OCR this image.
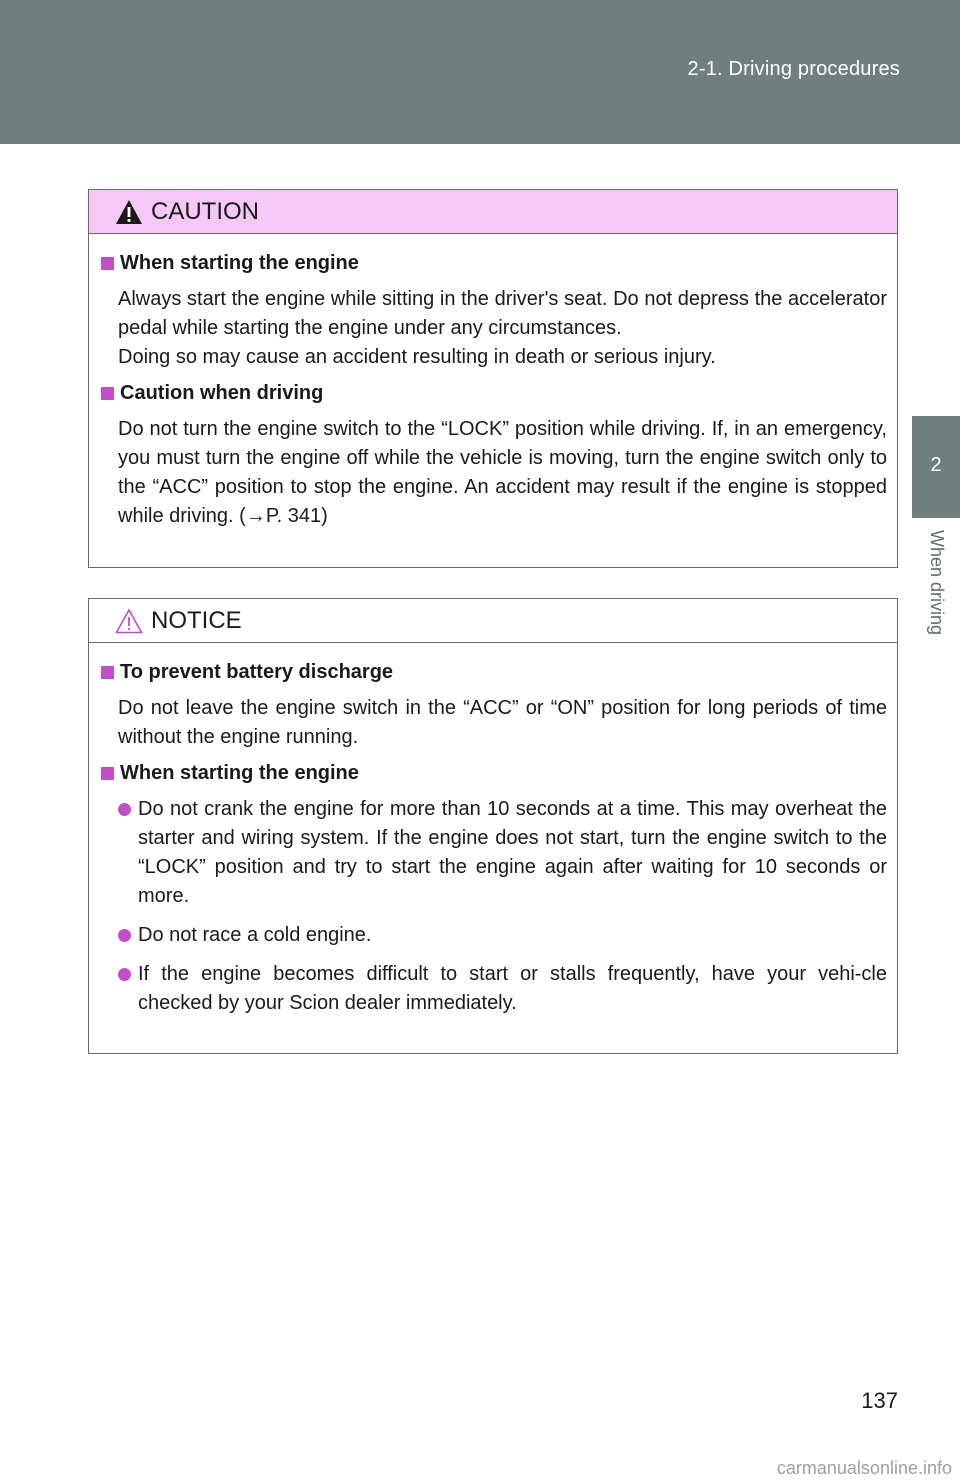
2-1. Driving procedures
2
When driving
CAUTION
When starting the engine
Always start the engine while sitting in the driver's seat. Do not depress the accelerator pedal while starting the engine under any circumstances.
Doing so may cause an accident resulting in death or serious injury.
Caution when driving
Do not turn the engine switch to the “LOCK” position while driving. If, in an emergency, you must turn the engine off while the vehicle is moving, turn the engine switch only to the “ACC” position to stop the engine. An accident may result if the engine is stopped while driving. (→P. 341)
NOTICE
To prevent battery discharge
Do not leave the engine switch in the “ACC” or “ON” position for long periods of time without the engine running.
When starting the engine
Do not crank the engine for more than 10 seconds at a time. This may overheat the starter and wiring system. If the engine does not start, turn the engine switch to the “LOCK” position and try to start the engine again after waiting for 10 seconds or more.
Do not race a cold engine.
If the engine becomes difficult to start or stalls frequently, have your vehi-cle checked by your Scion dealer immediately.
137
carmanualsonline.info
